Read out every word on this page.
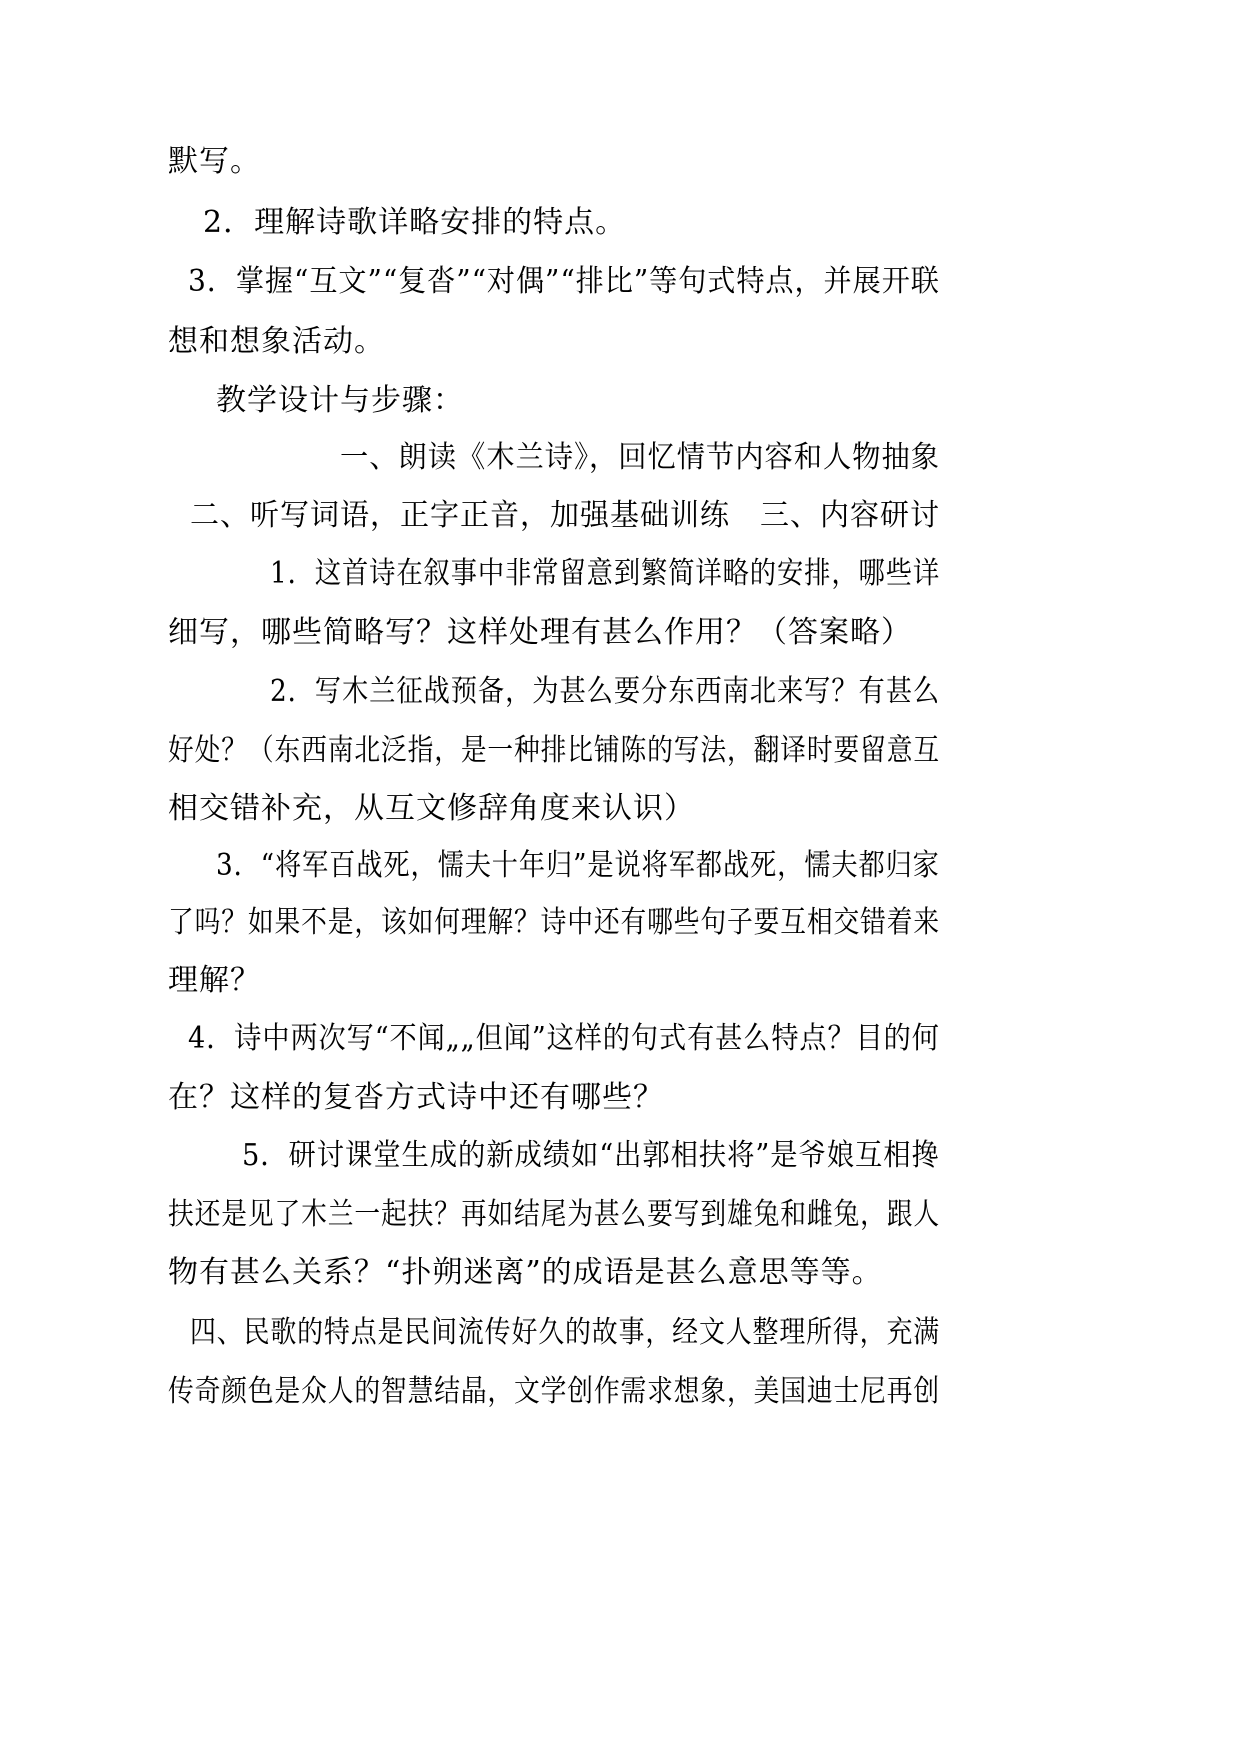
默写。
2．理解诗歌详略安排的特点。
3．掌握“互文”“复沓”“对偶”“排比”等句式特点，并展开联
想和想象活动。
教学设计与步骤：
一、朗读《木兰诗》，回忆情节内容和人物抽象
二、听写词语，正字正音，加强基础训练　三、内容研讨
1．这首诗在叙事中非常留意到繁简详略的安排，哪些详
细写，哪些简略写？这样处理有甚么作用？（答案略）
2．写木兰征战预备，为甚么要分东西南北来写？有甚么
好处？（东西南北泛指，是一种排比铺陈的写法，翻译时要留意互
相交错补充，从互文修辞角度来认识）
3．“将军百战死，懦夫十年归”是说将军都战死，懦夫都归家
了吗？如果不是，该如何理解？诗中还有哪些句子要互相交错着来
理解？
4．诗中两次写“不闻„„但闻”这样的句式有甚么特点？目的何
在？这样的复沓方式诗中还有哪些？
5．研讨课堂生成的新成绩如“出郭相扶将”是爷娘互相搀
扶还是见了木兰一起扶？再如结尾为甚么要写到雄兔和雌兔，跟人
物有甚么关系？“扑朔迷离”的成语是甚么意思等等。
四、民歌的特点是民间流传好久的故事，经文人整理所得，充满
传奇颜色是众人的智慧结晶，文学创作需求想象，美国迪士尼再创
